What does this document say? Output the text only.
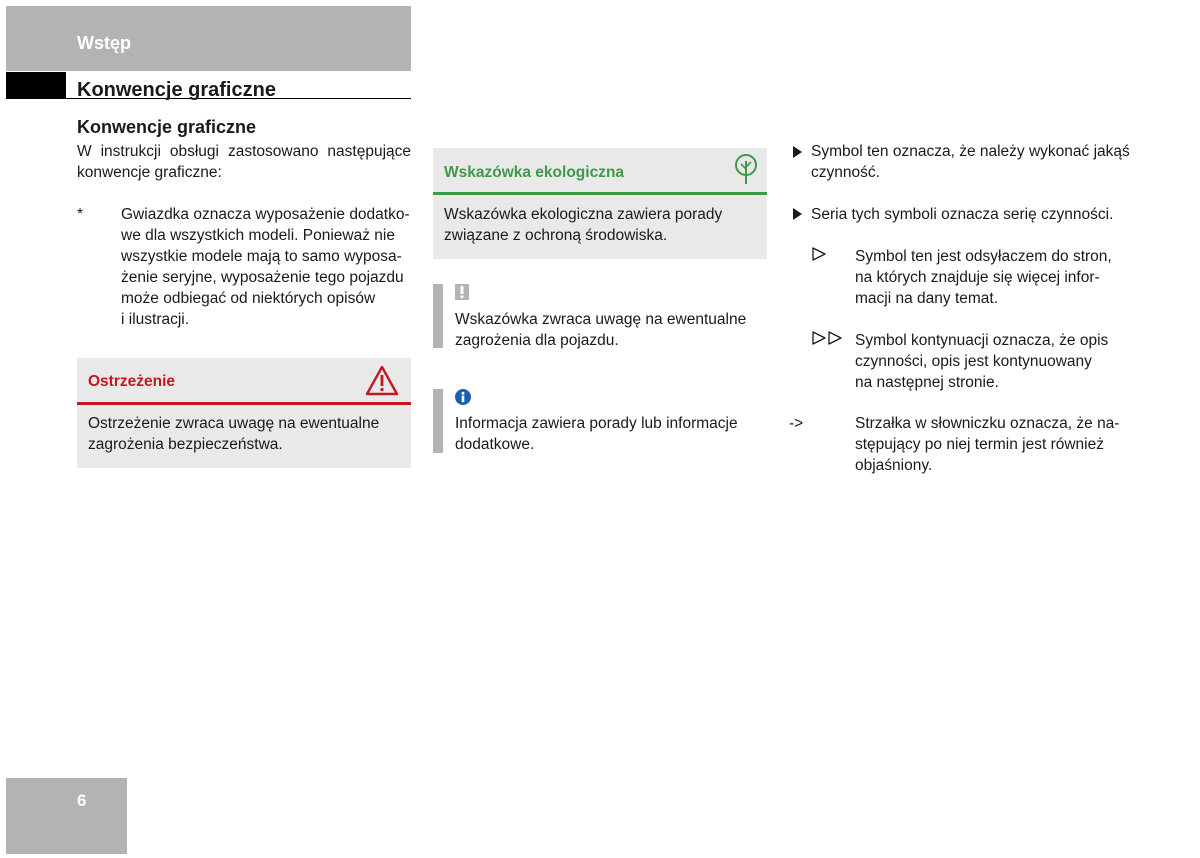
Wstęp
Konwencje graficzne
Konwencje graficzne
W instrukcji obsługi zastosowano następujące konwencje graficzne:
* Gwiazdka oznacza wyposażenie dodatko-
we dla wszystkich modeli. Ponieważ nie
wszystkie modele mają to samo wyposa-
żenie seryjne, wyposażenie tego pojazdu
może odbiegać od niektórych opisów
i ilustracji.
Ostrzeżenie
Ostrzeżenie zwraca uwagę na ewentualne zagrożenia bezpieczeństwa.
Wskazówka ekologiczna
Wskazówka ekologiczna zawiera porady związane z ochroną środowiska.
Wskazówka zwraca uwagę na ewentualne zagrożenia dla pojazdu.
Informacja zawiera porady lub informacje dodatkowe.
Symbol ten oznacza, że należy wykonać jakąś czynność.
Seria tych symboli oznacza serię czynności.
Symbol ten jest odsyłaczem do stron,
na których znajduje się więcej infor-
macji na dany temat.
Symbol kontynuacji oznacza, że opis
czynności, opis jest kontynuowany
na następnej stronie.
->	Strzałka w słowniczku oznacza, że na-
stępujący po niej termin jest również
objaśniony.
6
